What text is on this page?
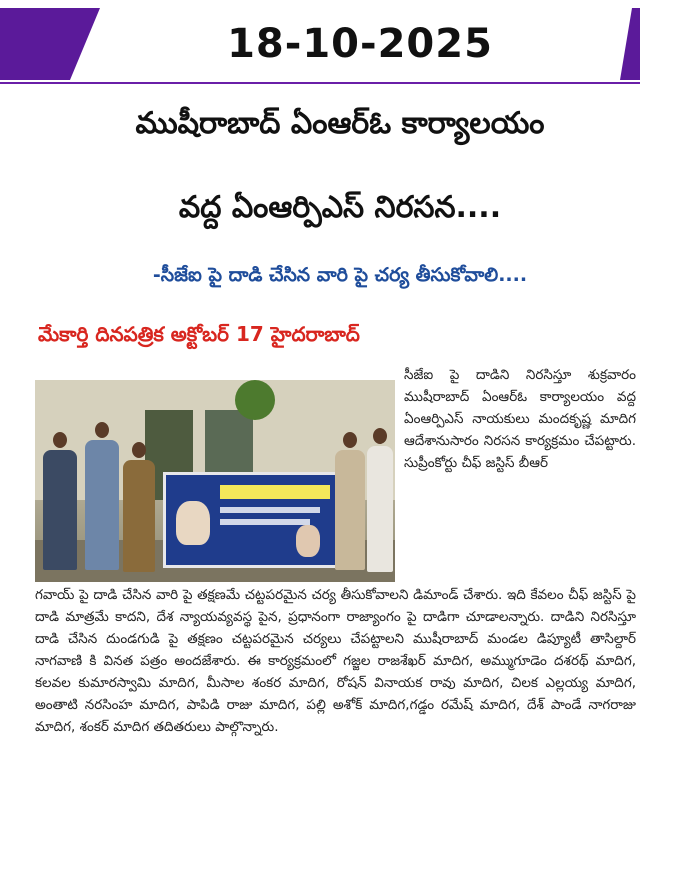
18-10-2025
ముషీరాబాద్ ఏంఆర్ఓ కార్యాలయం
వద్ద ఏంఆర్పిఎస్ నిరసన....
-సీజేఐ పై దాడి చేసిన వారి పై చర్య తీసుకోవాలి....
మేకార్తి దినపత్రిక అక్టోబర్ 17 హైదరాబాద్
సీజేఐ పై దాడిని నిరసిస్తూ శుక్రవారం ముషీరాబాద్ ఏంఆర్ఓ కార్యాలయం వద్ద ఏంఆర్పిఎస్ నాయకులు మందకృష్ణ మాదిగ ఆదేశానుసారం నిరసన కార్యక్రమం చేపట్టారు. సుప్రీంకోర్టు చీఫ్ జస్టిస్ బీఆర్
గవాయ్ పై దాడి చేసిన వారి పై తక్షణమే చట్టపరమైన చర్య తీసుకోవాలని డిమాండ్ చేశారు. ఇది కేవలం చీఫ్ జస్టిస్ పై దాడి మాత్రమే కాదని, దేశ న్యాయవ్యవస్థ పైన, ప్రధానంగా రాజ్యాంగం పై దాడిగా చూడాలన్నారు. దాడిని నిరసిస్తూ దాడి చేసిన దుండగుడి పై తక్షణం చట్టపరమైన చర్యలు చేపట్టాలని ముషీరాబాద్ మండల డిప్యూటీ తాసిల్దార్ నాగవాణి కి వినత పత్రం అందజేశారు. ఈ కార్యక్రమంలో గజ్జల రాజశేఖర్ మాదిగ, అమ్ముగూడెం దశరథ్ మాదిగ, కలవల కుమారస్వామి మాదిగ, మీసాల శంకర మాదిగ, రోషన్ వినాయక రావు మాదిగ, చిలక ఎల్లయ్య మాదిగ, అంతాటి నరసింహ మాదిగ, పాపిడి రాజు మాదిగ, పల్లి అశోక్ మాదిగ,గడ్డం రమేష్ మాదిగ, దేశ్ పాండే నాగరాజు మాదిగ, శంకర్ మాదిగ తదితరులు పాల్గొన్నారు.
